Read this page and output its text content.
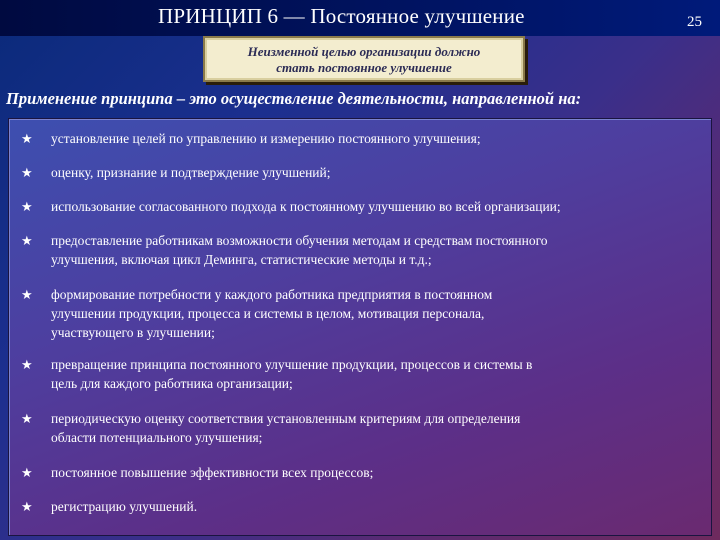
ПРИНЦИП 6 — Постоянное улучшение	25
Неизменной целью организации должно
стать постоянное улучшение
Применение принципа – это осуществление деятельности, направленной на:
★ установление целей по управлению и измерению постоянного улучшения;
★ оценку, признание и подтверждение улучшений;
★ использование согласованного подхода к постоянному улучшению во всей организации;
★ предоставление работникам возможности обучения методам и средствам постоянного
улучшения, включая цикл Деминга, статистические методы и т.д.;
★ формирование потребности у каждого работника предприятия в постоянном
улучшении продукции, процесса и системы в целом, мотивация персонала,
участвующего в улучшении;
★ превращение принципа постоянного улучшение продукции, процессов и системы в
цель для каждого работника организации;
★ периодическую оценку соответствия установленным критериям для определения
области потенциального улучшения;
★ постоянное повышение эффективности всех процессов;
★ регистрацию улучшений.
